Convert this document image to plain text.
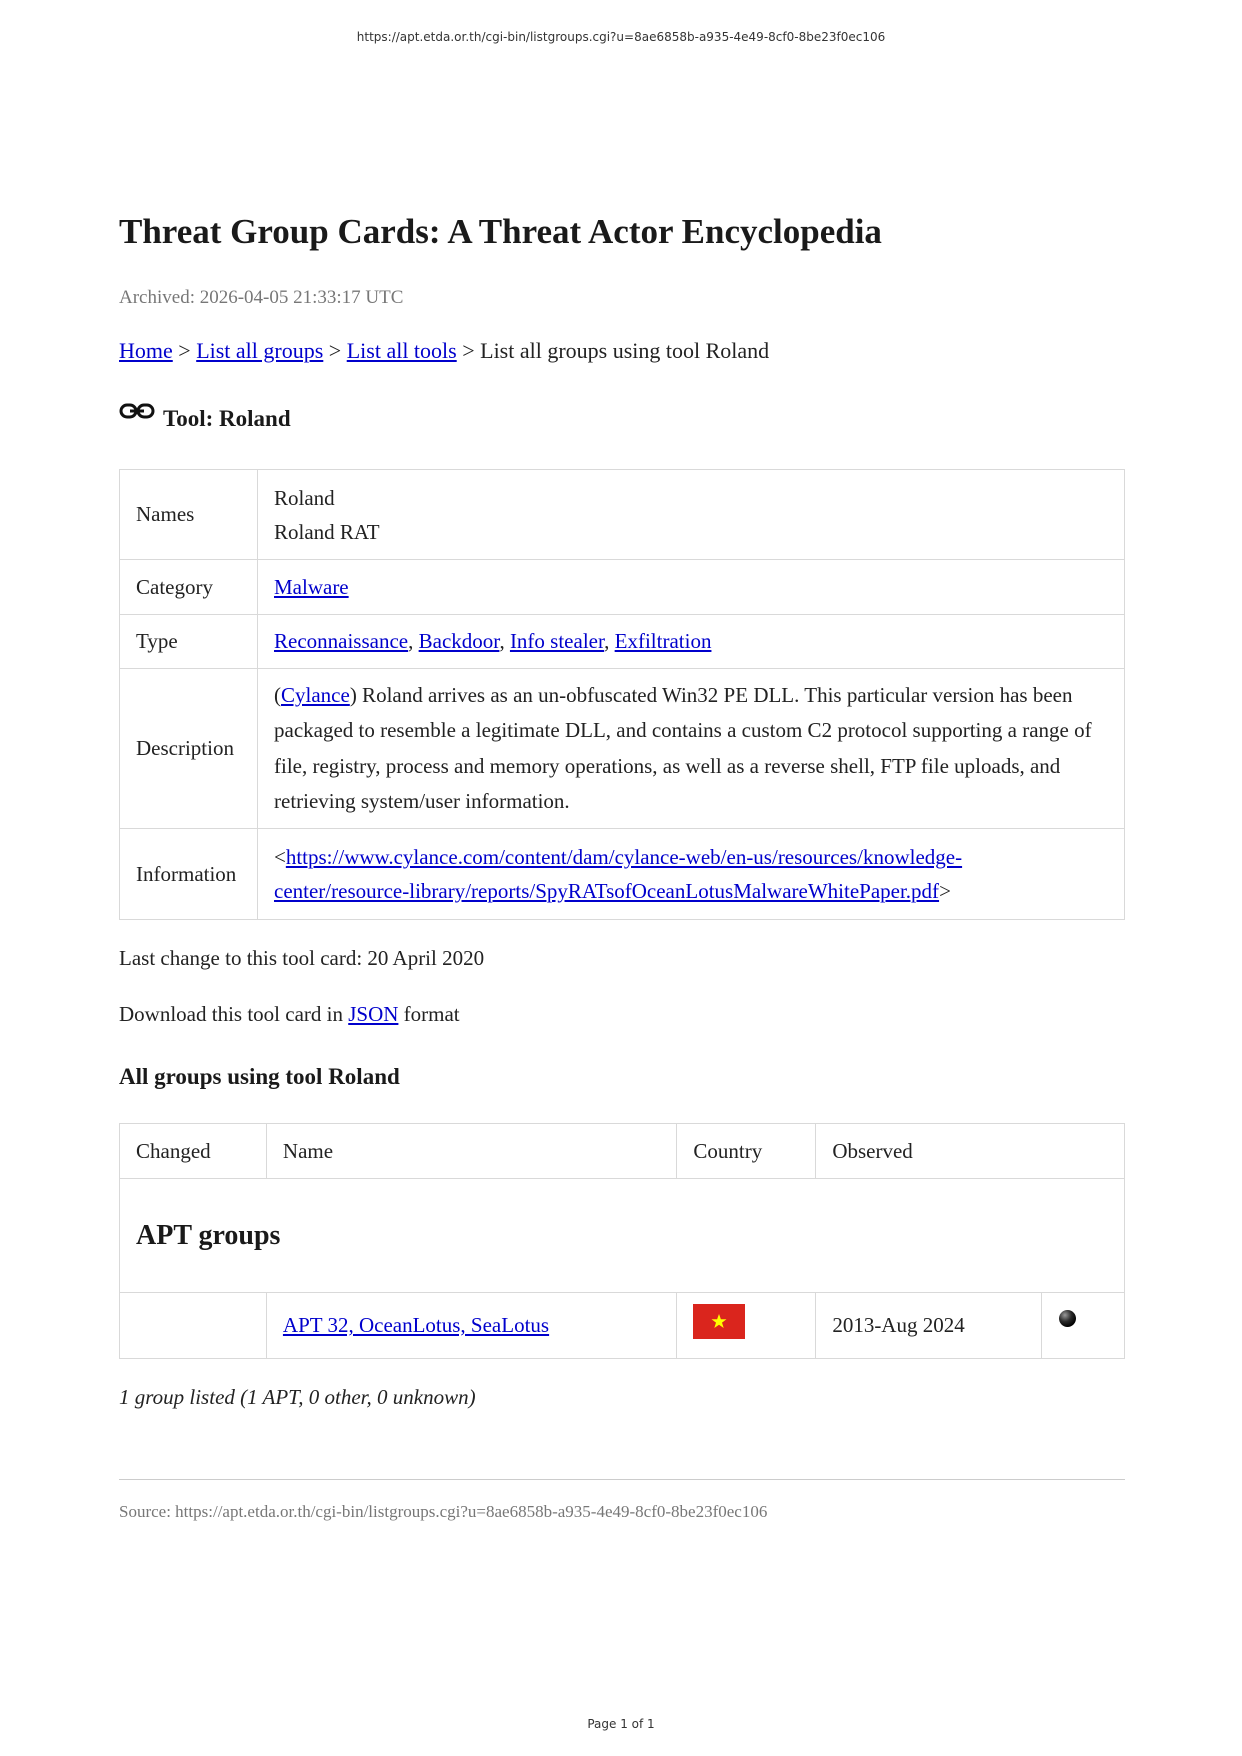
https://apt.etda.or.th/cgi-bin/listgroups.cgi?u=8ae6858b-a935-4e49-8cf0-8be23f0ec106
Threat Group Cards: A Threat Actor Encyclopedia
Archived: 2026-04-05 21:33:17 UTC
Home > List all groups > List all tools > List all groups using tool Roland
Tool: Roland
Names	Roland
Roland RAT

Category	Malware
Type	Reconnaissance, Backdoor, Info stealer, Exfiltration
Description	(Cylance) Roland arrives as an un-obfuscated Win32 PE DLL. This particular version has been packaged to resemble a legitimate DLL, and contains a custom C2 protocol supporting a range of file, registry, process and memory operations, as well as a reverse shell, FTP file uploads, and retrieving system/user information.
Information	<https://www.cylance.com/content/dam/cylance-web/en-us/resources/knowledge-
center/resource-library/reports/SpyRATsofOceanLotusMalwareWhitePaper.pdf>
Last change to this tool card: 20 April 2020
Download this tool card in JSON format
All groups using tool Roland
Changed	Name	Country	Observed	
APT groups				
	APT 32, OceanLotus, SeaLotus		2013-Aug 2024	
1 group listed (1 APT, 0 other, 0 unknown)
Source: https://apt.etda.or.th/cgi-bin/listgroups.cgi?u=8ae6858b-a935-4e49-8cf0-8be23f0ec106
Page 1 of 1
